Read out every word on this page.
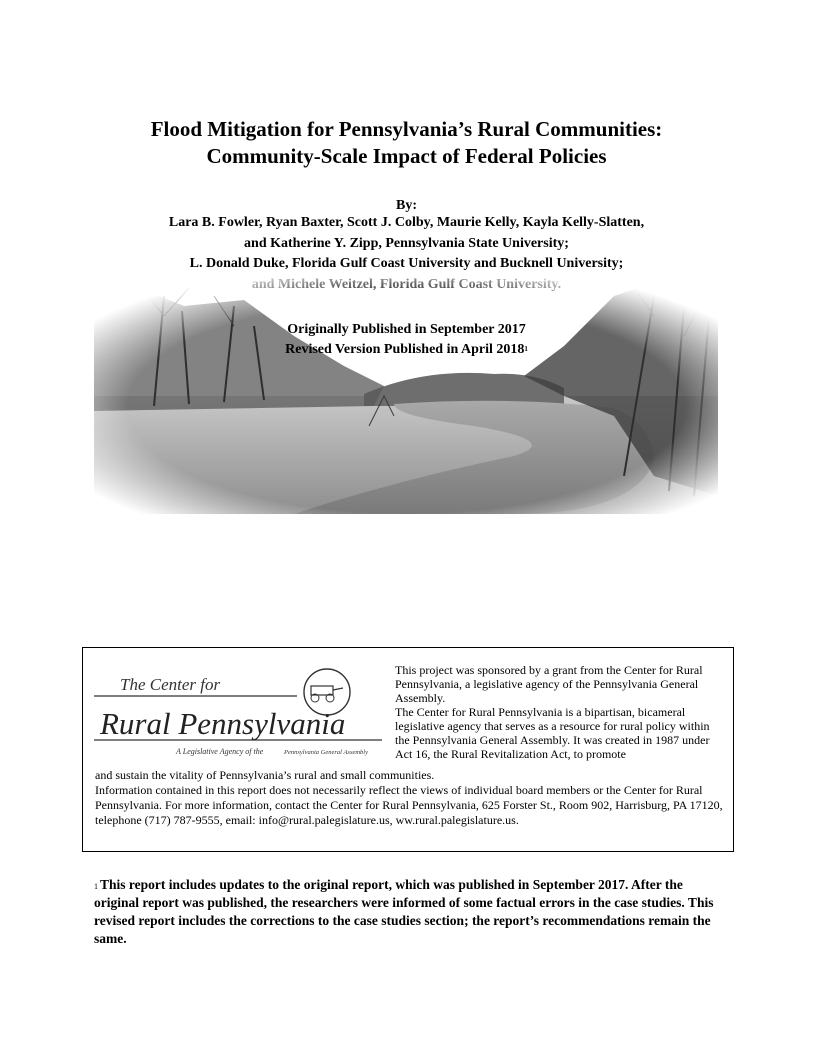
Flood Mitigation for Pennsylvania’s Rural Communities:
Community-Scale Impact of Federal Policies
By:
Lara B. Fowler, Ryan Baxter, Scott J. Colby, Maurie Kelly, Kayla Kelly-Slatten,
and Katherine Y. Zipp, Pennsylvania State University;
L. Donald Duke, Florida Gulf Coast University and Bucknell University;
Originally Published in September 2017
Revised Version Published in April 2018$^1$
The Center for
Rural Pennsylvania
A Legislative Agency of the	Pennsylvania General Assembly

This project was sponsored by a grant from the Center for Rural Pennsylvania, a legislative agency of the Pennsylvania General Assembly.

The Center for Rural Pennsylvania is a bipartisan, bicameral legislative agency that serves as a resource for rural policy within the Pennsylvania General Assembly. It was created in 1987 under Act 16, the Rural Revitalization Act, to promote

and sustain the vitality of Pennsylvania’s rural and small communities.

Information contained in this report does not necessarily reflect the views of individual board members or the Center for Rural Pennsylvania. For more information, contact the Center for Rural Pennsylvania, 625 Forster St., Room 902, Harrisburg, PA 17120, telephone (717) 787-9555, email: info@rural.palegislature.us, ww.rural.palegislature.us.

$^1$ This report includes updates to the original report, which was published in September 2017. After the original report was published, the researchers were informed of some factual errors in the case studies. This revised report includes the corrections to the case studies section; the report’s recommendations remain the same.
